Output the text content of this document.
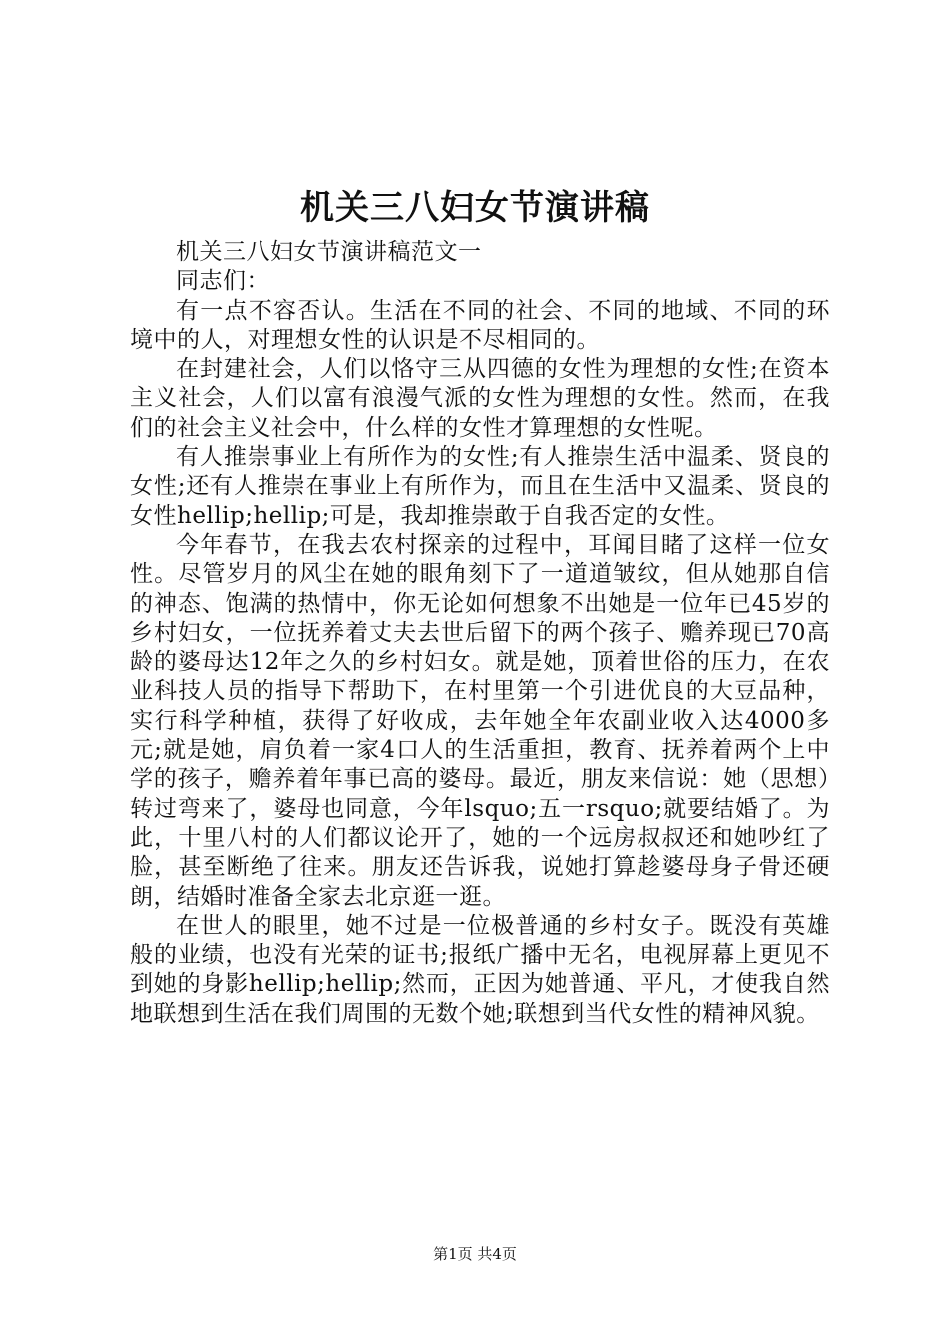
机关三八妇女节演讲稿

机关三八妇女节演讲稿范文一

同志们：

有一点不容否认。生活在不同的社会、不同的地域、不同的环境中的人，对理想女性的认识是不尽相同的。

在封建社会，人们以恪守三从四德的女性为理想的女性;在资本主义社会，人们以富有浪漫气派的女性为理想的女性。然而，在我们的社会主义社会中，什么样的女性才算理想的女性呢。

有人推崇事业上有所作为的女性;有人推崇生活中温柔、贤良的女性;还有人推崇在事业上有所作为，而且在生活中又温柔、贤良的女性hellip;hellip;可是，我却推崇敢于自我否定的女性。

今年春节，在我去农村探亲的过程中，耳闻目睹了这样一位女性。尽管岁月的风尘在她的眼角刻下了一道道皱纹，但从她那自信的神态、饱满的热情中，你无论如何想象不出她是一位年已45岁的乡村妇女，一位抚养着丈夫去世后留下的两个孩子、赡养现已70高龄的婆母达12年之久的乡村妇女。就是她，顶着世俗的压力，在农业科技人员的指导下帮助下，在村里第一个引进优良的大豆品种，实行科学种植，获得了好收成，去年她全年农副业收入达4000多元;就是她，肩负着一家4口人的生活重担，教育、抚养着两个上中学的孩子，赡养着年事已高的婆母。最近，朋友来信说：她（思想）转过弯来了，婆母也同意，今年lsquo;五一rsquo;就要结婚了。为此，十里八村的人们都议论开了，她的一个远房叔叔还和她吵红了脸，甚至断绝了往来。朋友还告诉我，说她打算趁婆母身子骨还硬朗，结婚时准备全家去北京逛一逛。

在世人的眼里，她不过是一位极普通的乡村女子。既没有英雄般的业绩，也没有光荣的证书;报纸广播中无名，电视屏幕上更见不到她的身影hellip;hellip;然而，正因为她普通、平凡，才使我自然地联想到生活在我们周围的无数个她;联想到当代女性的精神风貌。

第1页 共4页
